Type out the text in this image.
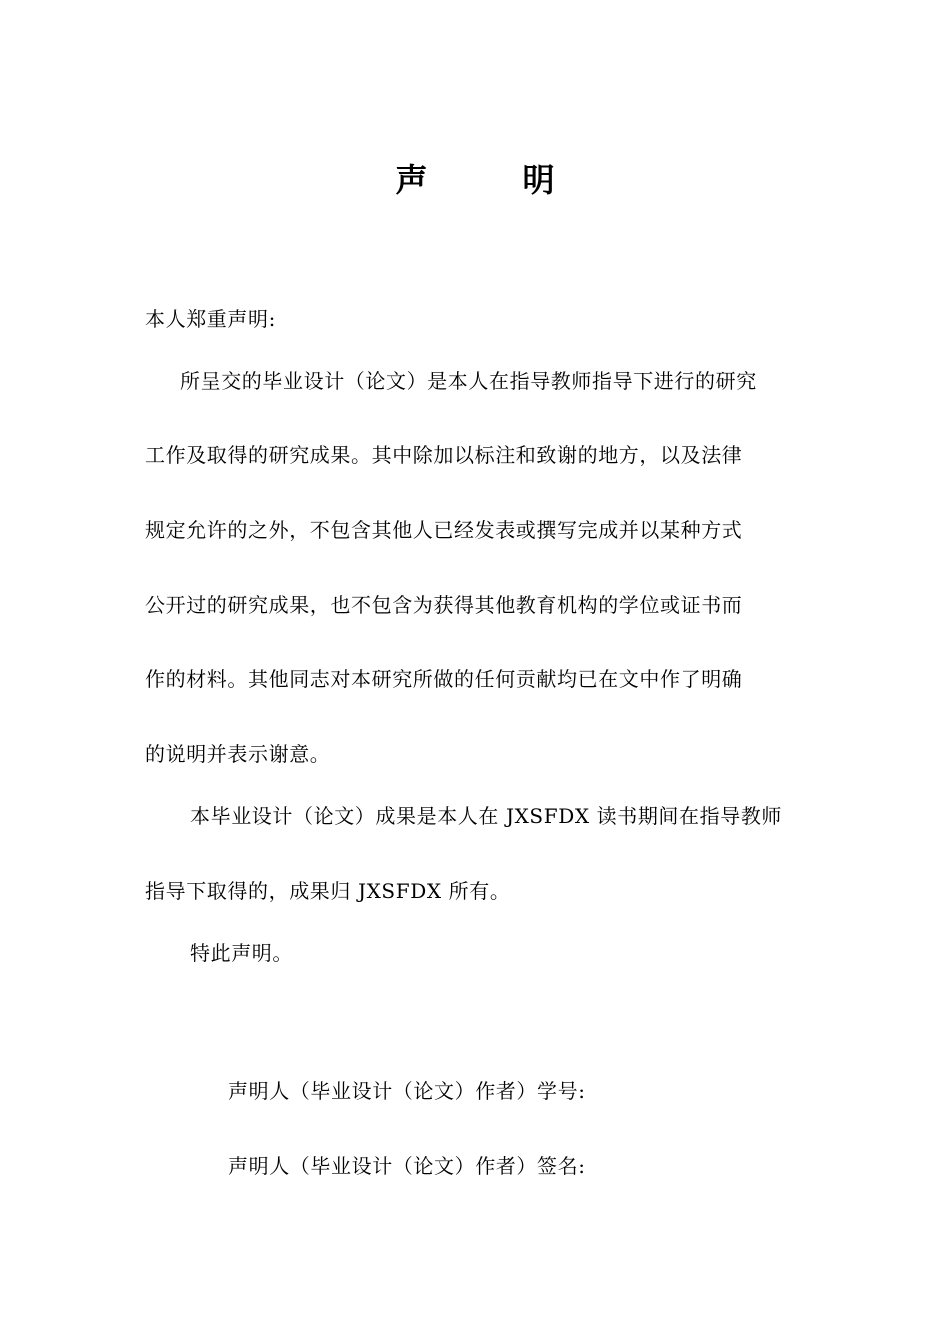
声	明
本人郑重声明:
所呈交的毕业设计（论文）是本人在指导教师指导下进行的研究
工作及取得的研究成果。其中除加以标注和致谢的地方，以及法律
规定允许的之外，不包含其他人已经发表或撰写完成并以某种方式
公开过的研究成果，也不包含为获得其他教育机构的学位或证书而
作的材料。其他同志对本研究所做的任何贡献均已在文中作了明确
的说明并表示谢意。
本毕业设计（论文）成果是本人在 JXSFDX 读书期间在指导教师
指导下取得的，成果归 JXSFDX 所有。
特此声明。
声明人（毕业设计（论文）作者）学号:
声明人（毕业设计（论文）作者）签名:
